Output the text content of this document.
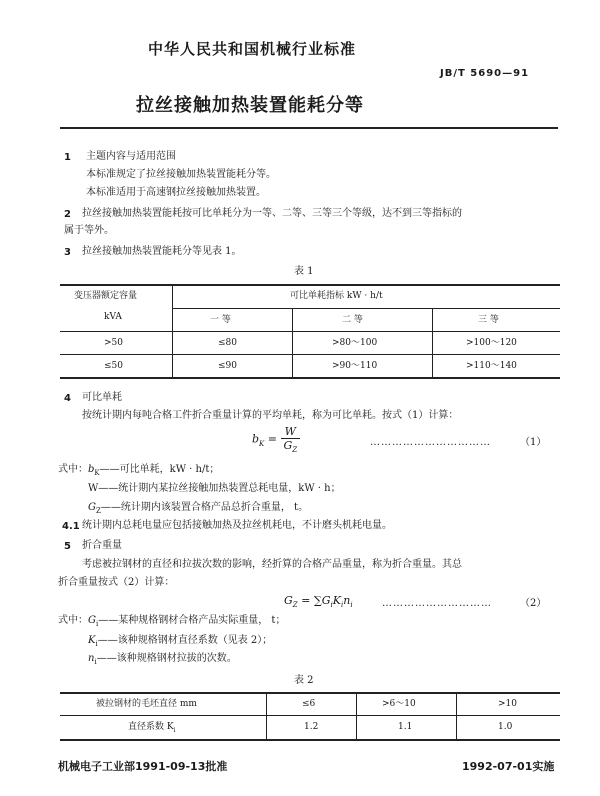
中华人民共和国机械行业标准
JB/T 5690—91
拉丝接触加热装置能耗分等
1 主题内容与适用范围
本标准规定了拉丝接触加热装置能耗分等。
本标准适用于高速钢拉丝接触加热装置。
2 拉丝接触加热装置能耗按可比单耗分为一等、二等、三等三个等级，达不到三等指标的
属于等外。
3 拉丝接触加热装置能耗分等见表 1。
表 1
变压器额定容量
kVA
可比单耗指标 kW · h/t
一 等	二 等	三 等
>50	≤80	>80～100	>100～120
≤50	≤90	>90～110	>110～140
4 可比单耗
按统计期内每吨合格工件折合重量计算的平均单耗，称为可比单耗。按式（1）计算：
$b_K = \frac{W}{G_Z}$	……………………………	（1）
式中： $b_K——$可比单耗，kW · h/t；
W——统计期内某拉丝接触加热装置总耗电量，kW · h；
$G_Z——$统计期内该装置合格产品总折合重量， t。
4.1 统计期内总耗电量应包括接触加热及拉丝机耗电，不计磨头机耗电量。
5 折合重量
考虑被拉钢材的直径和拉拔次数的影响，经折算的合格产品重量，称为折合重量。其总
折合重量按式（2）计算：
$G_Z = \sum G_iK_in_i$	…………………………	（2）
式中： $G_i——$某种规格钢材合格产品实际重量， t；
$K_i——$该种规格钢材直径系数（见表 2）；
$n_i——$该种规格钢材拉拔的次数。
表 2
被拉钢材的毛坯直径 mm	≤6	>6～10	>10
直径系数 $K_i$	1.2	1.1	1.0
机械电子工业部1991-09-13批准	1992-07-01实施
